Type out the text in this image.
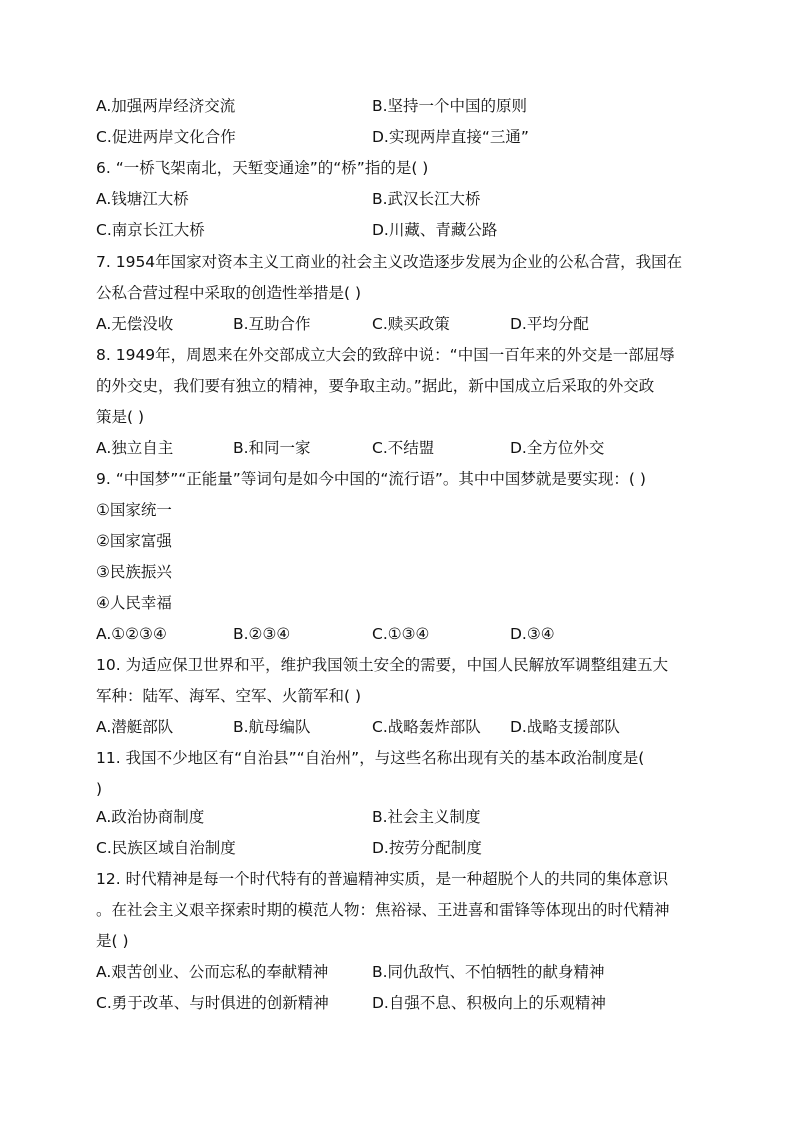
A.加强两岸经济交流	B.坚持一个中国的原则
C.促进两岸文化合作	D.实现两岸直接“三通”
6. “一桥飞架南北，天堑变通途”的“桥”指的是( )
A.钱塘江大桥	B.武汉长江大桥
C.南京长江大桥	D.川藏、青藏公路
7. 1954年国家对资本主义工商业的社会主义改造逐步发展为企业的公私合营，我国在
公私合营过程中采取的创造性举措是( )
A.无偿没收	B.互助合作	C.赎买政策	D.平均分配
8. 1949年，周恩来在外交部成立大会的致辞中说：“中国一百年来的外交是一部屈辱
的外交史，我们要有独立的精神，要争取主动。”据此，新中国成立后采取的外交政
策是( )
A.独立自主	B.和同一家	C.不结盟	D.全方位外交
9. “中国梦”“正能量”等词句是如今中国的“流行语”。其中中国梦就是要实现：( )
①国家统一
②国家富强
③民族振兴
④人民幸福
A.①②③④	B.②③④	C.①③④	D.③④
10. 为适应保卫世界和平，维护我国领土安全的需要，中国人民解放军调整组建五大
军种：陆军、海军、空军、火箭军和( )
A.潜艇部队	B.航母编队	C.战略轰炸部队 D.战略支援部队
11. 我国不少地区有“自治县”“自治州”，与这些名称出现有关的基本政治制度是(
)
A.政治协商制度	B.社会主义制度
C.民族区域自治制度	D.按劳分配制度
12. 时代精神是每一个时代特有的普遍精神实质，是一种超脱个人的共同的集体意识
。在社会主义艰辛探索时期的模范人物：焦裕禄、王进喜和雷锋等体现出的时代精神
是( )
A.艰苦创业、公而忘私的奉献精神	B.同仇敌忾、不怕牺牲的献身精神
C.勇于改革、与时俱进的创新精神	D.自强不息、积极向上的乐观精神
